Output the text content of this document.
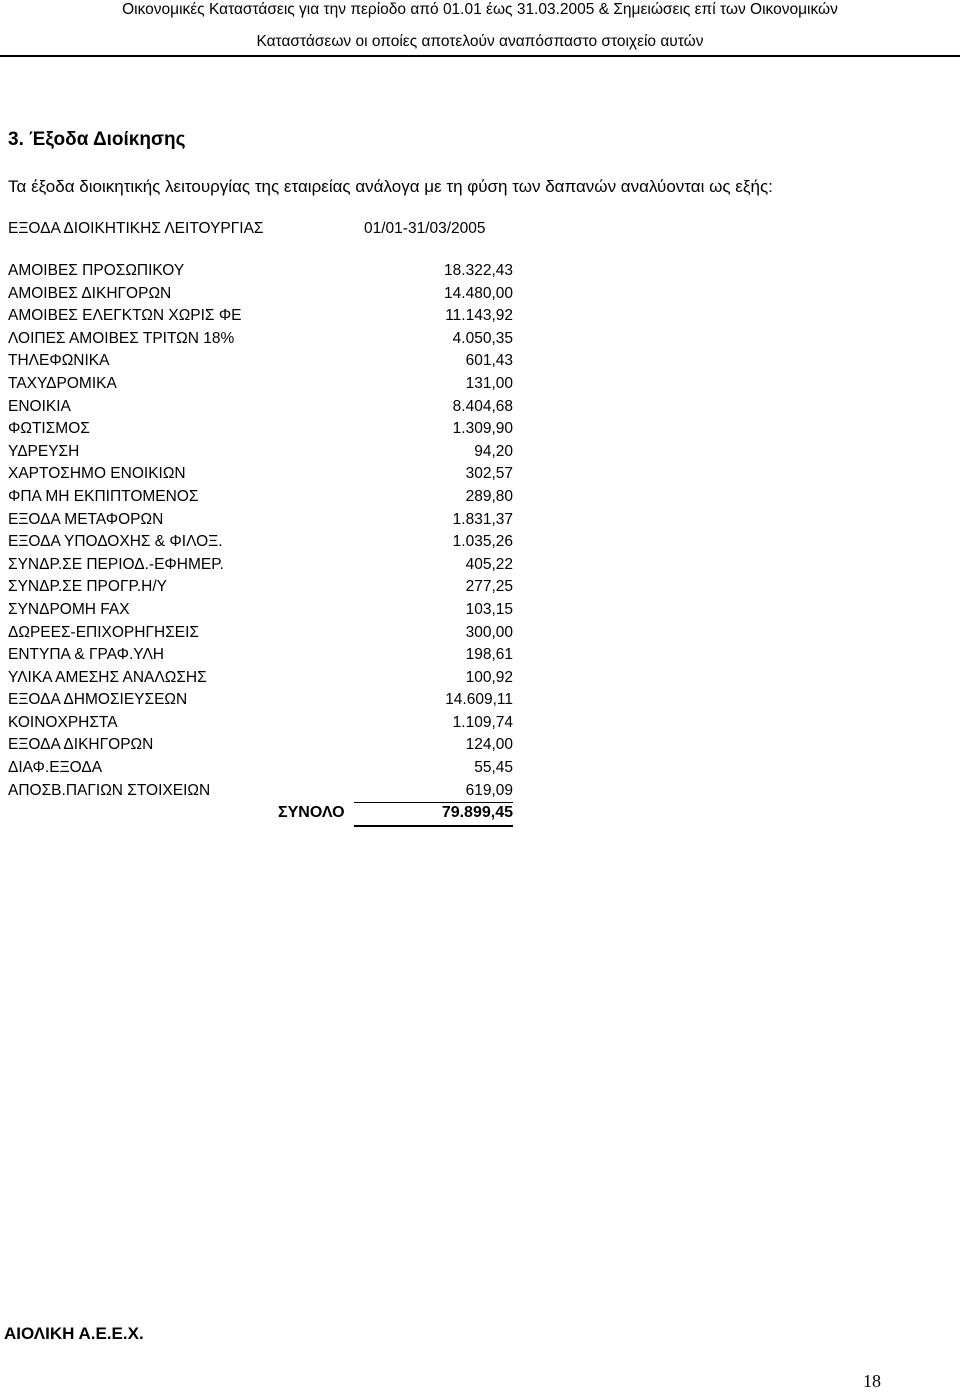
Οικονομικές Καταστάσεις για την περίοδο από 01.01 έως 31.03.2005 & Σημειώσεις επί των Οικονομικών
Καταστάσεων οι οποίες αποτελούν αναπόσπαστο στοιχείο αυτών
3. Έξοδα Διοίκησης
Τα έξοδα διοικητικής λειτουργίας της εταιρείας ανάλογα με τη φύση των δαπανών αναλύονται ως εξής:
ΕΞΟΔΑ ΔΙΟΙΚΗΤΙΚΗΣ ΛΕΙΤΟΥΡΓΙΑΣ	01/01-31/03/2005
ΑΜΟΙΒΕΣ ΠΡΟΣΩΠΙΚΟΥ	18.322,43
ΑΜΟΙΒΕΣ ΔΙΚΗΓΟΡΩΝ	14.480,00
ΑΜΟΙΒΕΣ ΕΛΕΓΚΤΩΝ ΧΩΡΙΣ ΦΕ	11.143,92
ΛΟΙΠΕΣ ΑΜΟΙΒΕΣ ΤΡΙΤΩΝ 18%	4.050,35
ΤΗΛΕΦΩΝΙΚΑ	601,43
ΤΑΧΥΔΡΟΜΙΚΑ	131,00
ΕΝΟΙΚΙΑ	8.404,68
ΦΩΤΙΣΜΟΣ	1.309,90
ΥΔΡΕΥΣΗ	94,20
ΧΑΡΤΟΣΗΜΟ ΕΝΟΙΚΙΩΝ	302,57
ΦΠΑ ΜΗ ΕΚΠΙΠΤΟΜΕΝΟΣ	289,80
ΕΞΟΔΑ ΜΕΤΑΦΟΡΩΝ	1.831,37
ΕΞΟΔΑ ΥΠΟΔΟΧΗΣ & ΦΙΛΟΞ.	1.035,26
ΣΥΝΔΡ.ΣΕ ΠΕΡΙΟΔ.-ΕΦΗΜΕΡ.	405,22
ΣΥΝΔΡ.ΣΕ ΠΡΟΓΡ.Η/Υ	277,25
ΣΥΝΔΡΟΜΗ FAX	103,15
ΔΩΡΕΕΣ-ΕΠΙΧΟΡΗΓΗΣΕΙΣ	300,00
ΕΝΤΥΠΑ & ΓΡΑΦ.ΥΛΗ	198,61
ΥΛΙΚΑ ΑΜΕΣΗΣ ΑΝΑΛΩΣΗΣ	100,92
ΕΞΟΔΑ ΔΗΜΟΣΙΕΥΣΕΩΝ	14.609,11
ΚΟΙΝΟΧΡΗΣΤΑ	1.109,74
ΕΞΟΔΑ ΔΙΚΗΓΟΡΩΝ	124,00
ΔΙΑΦ.ΕΞΟΔΑ	55,45
ΑΠΟΣΒ.ΠΑΓΙΩΝ ΣΤΟΙΧΕΙΩΝ	619,09
ΣΥΝΟΛΟ	79.899,45
ΑΙΟΛΙΚΗ Α.Ε.Ε.Χ.
18
